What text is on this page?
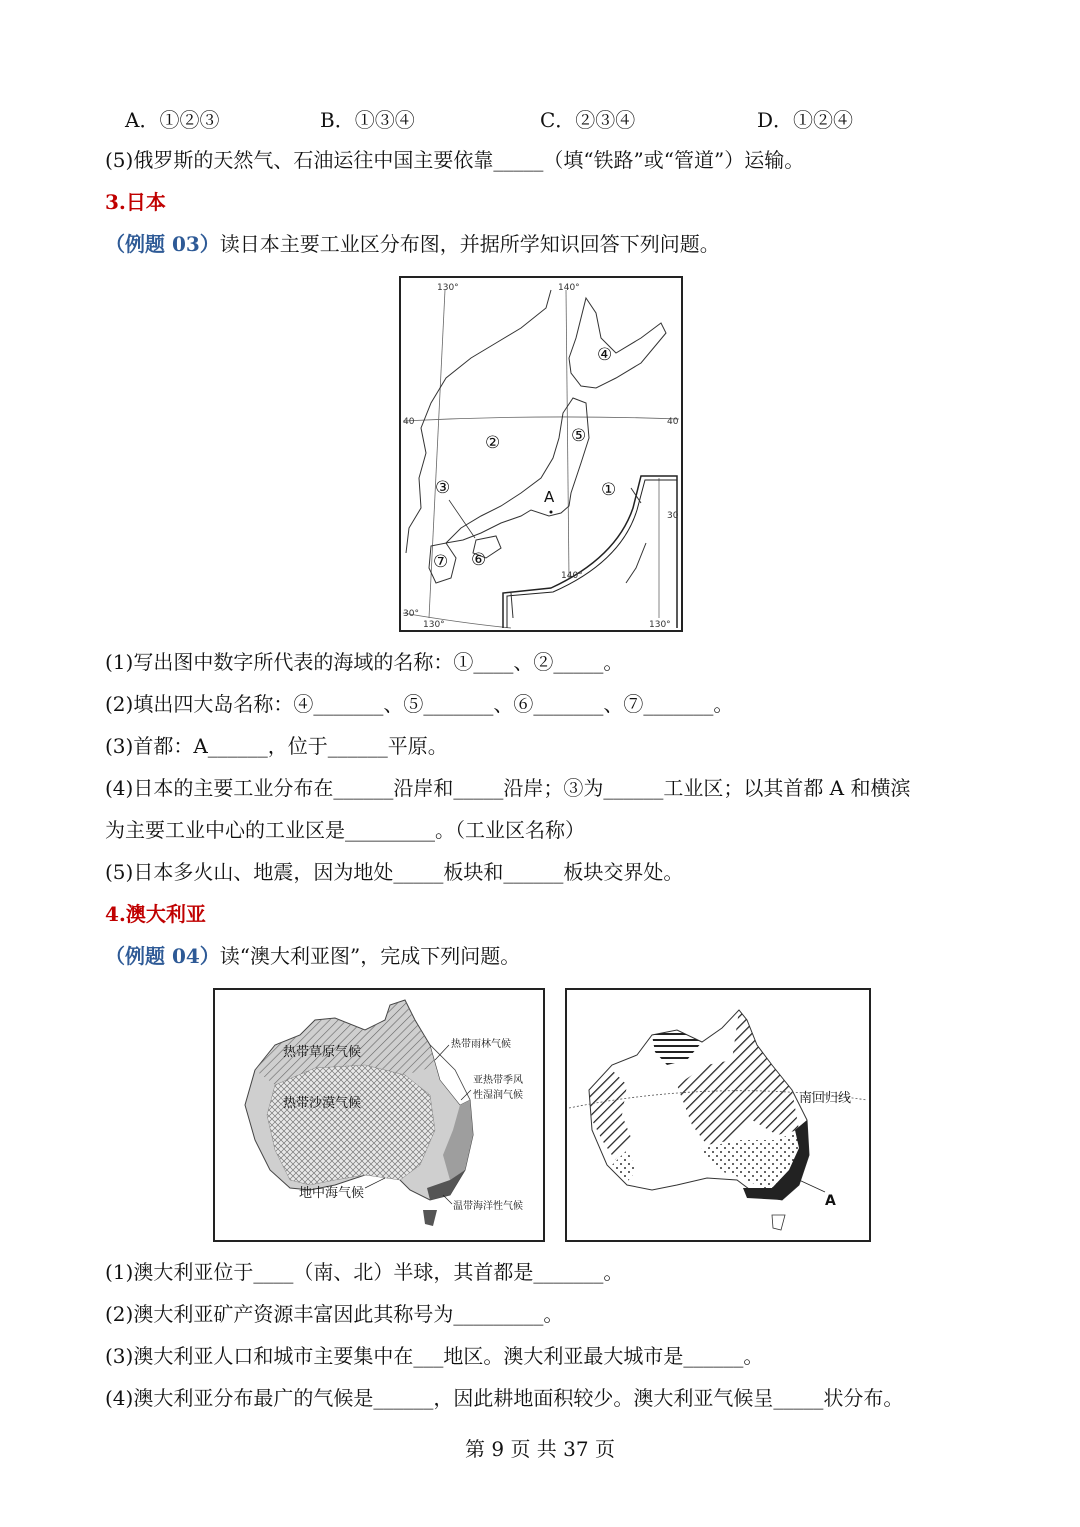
A．①②③	B．①③④	C．②③④	D．①②④
(5)俄罗斯的天然气、石油运往中国主要依靠_____（填“铁路”或“管道”）运输。
3.日本
（例题 03）读日本主要工业区分布图，并据所学知识回答下列问题。
130°	140°
140°
130°	130°
40	40
30
30°
④
②	⑤
③	①
⑥
⑦
A
(1)写出图中数字所代表的海域的名称：①____、②_____。
(2)填出四大岛名称：④_______、⑤_______、⑥_______、⑦_______。
(3)首都：A______，位于______平原。
(4)日本的主要工业分布在______沿岸和_____沿岸；③为______工业区；以其首都 A 和横滨
为主要工业中心的工业区是_________。（工业区名称）
(5)日本多火山、地震，因为地处_____板块和______板块交界处。
4.澳大利亚
（例题 04）读“澳大利亚图”，完成下列问题。
热带草原气候
热带沙漠气候
地中海气候
热带雨林气候
亚热带季风
性湿润气候
温带海洋性气候
南回归线
A
(1)澳大利亚位于____（南、北）半球，其首都是_______。
(2)澳大利亚矿产资源丰富因此其称号为_________。
(3)澳大利亚人口和城市主要集中在___地区。澳大利亚最大城市是______。
(4)澳大利亚分布最广的气候是______，因此耕地面积较少。澳大利亚气候呈_____状分布。
第 9 页 共 37 页
